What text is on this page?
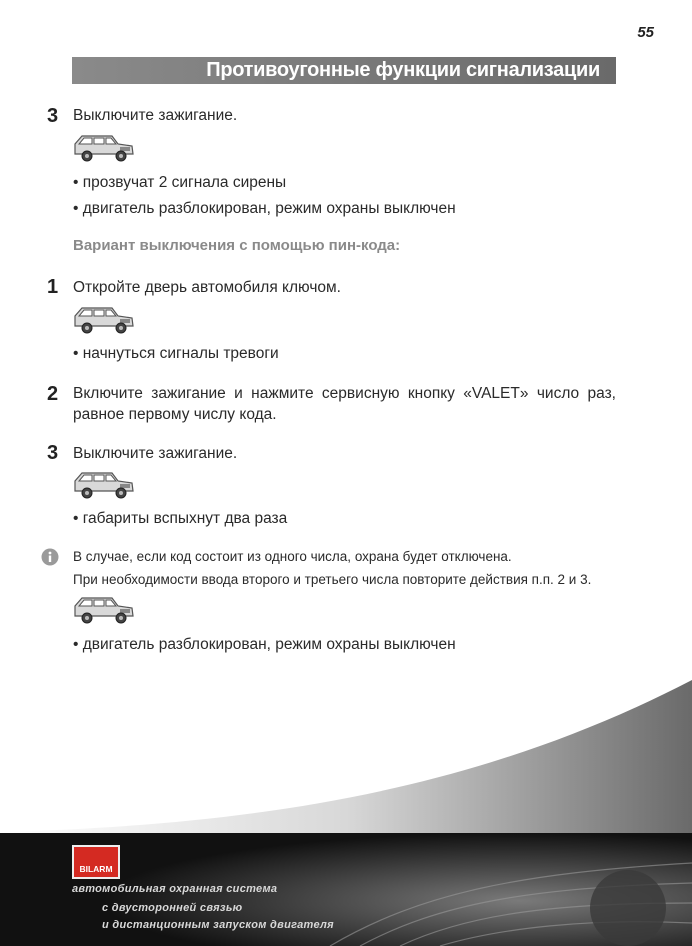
55
Противоугонные функции сигнализации
3 Выключите зажигание.
• прозвучат 2 сигнала сирены
• двигатель разблокирован, режим охраны выключен
Вариант выключения с помощью пин-кода:
1 Откройте дверь автомобиля ключом.
• начнуться сигналы тревоги
2 Включите зажигание и нажмите сервисную кнопку «VALET» число раз, равное первому числу кода.
3 Выключите зажигание.
• габариты вспыхнут два раза
В случае, если код состоит из одного числа, охрана будет отключена.
При необходимости ввода второго и третьего числа повторите действия п.п. 2 и 3.
• двигатель разблокирован, режим охраны выключен
BILARM
автомобильная охранная система
с двусторонней связью
и дистанционным запуском двигателя
